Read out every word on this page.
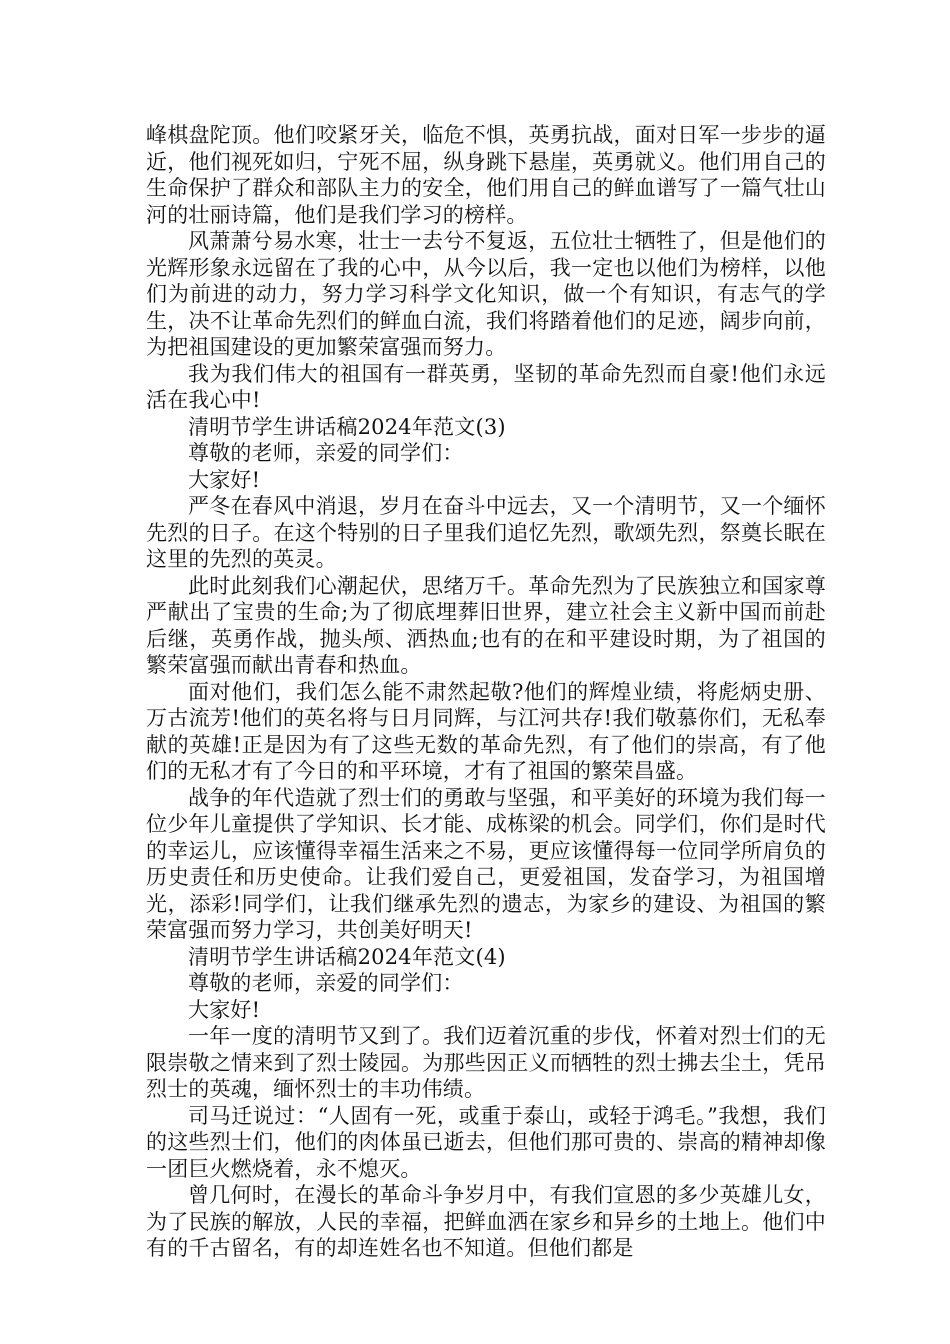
峰棋盘陀顶。他们咬紧牙关，临危不惧，英勇抗战，面对日军一步步的逼近，他们视死如归，宁死不屈，纵身跳下悬崖，英勇就义。他们用自己的生命保护了群众和部队主力的安全，他们用自己的鲜血谱写了一篇气壮山河的壮丽诗篇，他们是我们学习的榜样。

风萧萧兮易水寒，壮士一去兮不复返，五位壮士牺牲了，但是他们的光辉形象永远留在了我的心中，从今以后，我一定也以他们为榜样，以他们为前进的动力，努力学习科学文化知识，做一个有知识，有志气的学生，决不让革命先烈们的鲜血白流，我们将踏着他们的足迹，阔步向前，为把祖国建设的更加繁荣富强而努力。

我为我们伟大的祖国有一群英勇，坚韧的革命先烈而自豪!他们永远活在我心中!

清明节学生讲话稿2024年范文(3)

尊敬的老师，亲爱的同学们：

大家好!

严冬在春风中消退，岁月在奋斗中远去，又一个清明节，又一个缅怀先烈的日子。在这个特别的日子里我们追忆先烈，歌颂先烈，祭奠长眠在这里的先烈的英灵。

此时此刻我们心潮起伏，思绪万千。革命先烈为了民族独立和国家尊严献出了宝贵的生命;为了彻底埋葬旧世界，建立社会主义新中国而前赴后继，英勇作战，抛头颅、洒热血;也有的在和平建设时期，为了祖国的繁荣富强而献出青春和热血。

面对他们，我们怎么能不肃然起敬?他们的辉煌业绩，将彪炳史册、万古流芳!他们的英名将与日月同辉，与江河共存!我们敬慕你们，无私奉献的英雄!正是因为有了这些无数的革命先烈，有了他们的崇高，有了他们的无私才有了今日的和平环境，才有了祖国的繁荣昌盛。

战争的年代造就了烈士们的勇敢与坚强，和平美好的环境为我们每一位少年儿童提供了学知识、长才能、成栋梁的机会。同学们，你们是时代的幸运儿，应该懂得幸福生活来之不易，更应该懂得每一位同学所肩负的历史责任和历史使命。让我们爱自己，更爱祖国，发奋学习，为祖国增光，添彩!同学们，让我们继承先烈的遗志，为家乡的建设、为祖国的繁荣富强而努力学习，共创美好明天!

清明节学生讲话稿2024年范文(4)

尊敬的老师，亲爱的同学们：

大家好!

一年一度的清明节又到了。我们迈着沉重的步伐，怀着对烈士们的无限崇敬之情来到了烈士陵园。为那些因正义而牺牲的烈士拂去尘土，凭吊烈士的英魂，缅怀烈士的丰功伟绩。

司马迁说过：“人固有一死，或重于泰山，或轻于鸿毛。”我想，我们的这些烈士们，他们的肉体虽已逝去，但他们那可贵的、崇高的精神却像一团巨火燃烧着，永不熄灭。

曾几何时，在漫长的革命斗争岁月中，有我们宣恩的多少英雄儿女，为了民族的解放，人民的幸福，把鲜血洒在家乡和异乡的土地上。他们中有的千古留名，有的却连姓名也不知道。但他们都是
